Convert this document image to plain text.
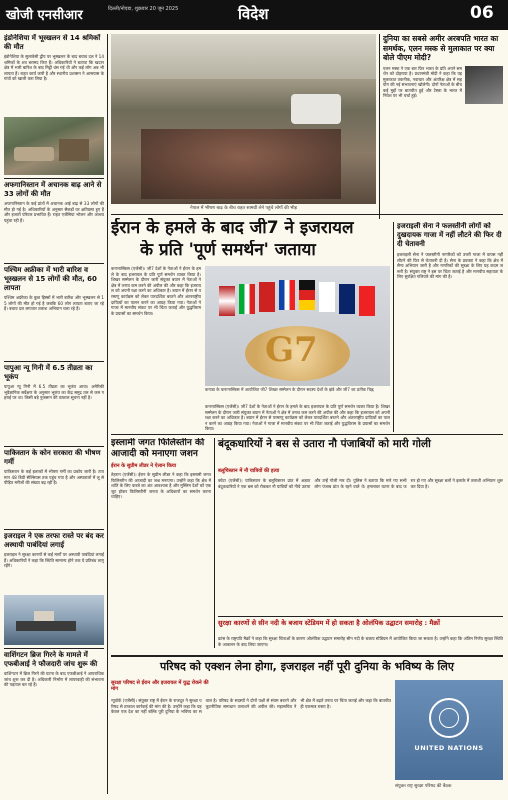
खोजी एनसीआर	दिल्ली/नोएडा, शुक्रवार 20 जून 2025	विदेश	06
इंडोनेशिया में भूस्खलन से 14 श्रमिकों की मौत
इंडोनेशिया के सुलावेसी द्वीप पर भूस्खलन के बाद बचाव दल ने 14 श्रमिकों के शव बरामद किए हैं। अधिकारियों ने बताया कि खदान क्षेत्र में भारी बारिश के बाद मिट्टी धंस गई थी और कई लोग अब भी लापता हैं। राहत कार्य जारी है और स्थानीय प्रशासन ने आसपास के गांवों को खाली करा लिया है।
अफगानिस्तान में अचानक बाढ़ आने से 33 लोगों की मौत
अफगानिस्तान के कई प्रांतों में अचानक आई बाढ़ से 33 लोगों की मौत हो गई है। अधिकारियों के अनुसार सैकड़ों घर क्षतिग्रस्त हुए हैं और हजारों परिवार प्रभावित हैं। राहत एजेंसियां भोजन और आश्रय पहुंचा रही हैं।
पश्चिम अफ्रीका में भारी बारिश व भूस्खलन से 15 लोगों की मौत, 60 लापता
पश्चिम अफ्रीका के कुछ हिस्सों में भारी बारिश और भूस्खलन से 15 लोगों की मौत हो गई है जबकि 60 लोग लापता बताए जा रहे हैं। बचाव दल लगातार तलाश अभियान चला रहे हैं।
पापुआ न्यू गिनी में 6.5 तीव्रता का भूकंप
पापुआ न्यू गिनी में 6.5 तीव्रता का भूकंप आया। अमेरिकी भूवैज्ञानिक सर्वेक्षण के अनुसार भूकंप का केंद्र समुद्र तल से कम गहराई पर था। किसी बड़े नुकसान की तत्काल सूचना नहीं है।
पाकिस्तान के कोन सरकारा की भीषण गर्मी
पाकिस्तान के कई इलाकों में भीषण गर्मी का प्रकोप जारी है। तापमान 48 डिग्री सेल्सियस तक पहुंच गया है और अस्पतालों में लू से पीड़ित मरीजों की संख्या बढ़ रही है।
इजराइल ने एक तरफा रास्ते पर बंद कर अस्थायी पाबंदियां लगाई
इजराइल ने सुरक्षा कारणों से कई मार्गों पर अस्थायी पाबंदियां लगाई हैं। अधिकारियों ने कहा कि स्थिति सामान्य होने तक ये प्रतिबंध लागू रहेंगे।
वाशिंगटन ब्रिज गिरने के मामले में एफबीआई ने फौजदारी जांच शुरू की
वाशिंगटन में ब्रिज गिरने की घटना के बाद एफबीआई ने आपराधिक जांच शुरू कर दी है। अधिकारी निर्माण में लापरवाही की संभावना की पड़ताल कर रहे हैं।
नेपाल में भीषण बाढ़ के बीच राहत सामग्री लेने पहुंचे लोगों की भीड़
दुनिया का सबसे अमीर अरबपति भारत का समर्थक, एलन मस्क से मुलाकात पर क्या बोले पीएम मोदी?
एलन मस्क ने एक बार फिर भारत के प्रति अपने समर्थन को दोहराया है। प्रधानमंत्री मोदी ने कहा कि यह मुलाकात तकनीक, नवाचार और अंतरिक्ष क्षेत्र में सहयोग की नई संभावनाएं खोलेगी। दोनों नेताओं के बीच कई मुद्दों पर बातचीत हुई और टेस्ला के भारत में निवेश पर भी चर्चा हुई।
ईरान के हमले के बाद जी7 ने इजरायल
के प्रति 'पूर्ण समर्थन' जताया
कनानास्किस (एजेंसी)। जी7 देशों के नेताओं ने ईरान के हमले के बाद इजरायल के प्रति पूर्ण समर्थन व्यक्त किया है। शिखर सम्मेलन के दौरान जारी संयुक्त बयान में नेताओं ने क्षेत्र में तनाव कम करने की अपील की और कहा कि इजरायल को अपनी रक्षा करने का अधिकार है। बयान में ईरान से परमाणु कार्यक्रम को लेकर पारदर्शिता बरतने और अंतरराष्ट्रीय दायित्वों का पालन करने का आग्रह किया गया। नेताओं ने गाजा में मानवीय संकट पर भी चिंता जताई और युद्धविराम के प्रयासों का समर्थन किया।
G7
कनाडा के कनानास्किस में आयोजित जी7 शिखर सम्मेलन के दौरान सदस्य देशों के झंडे और जी7 का प्रतीक चिह्न
कनानास्किस (एजेंसी)। जी7 देशों के नेताओं ने ईरान के हमले के बाद इजरायल के प्रति पूर्ण समर्थन व्यक्त किया है। शिखर सम्मेलन के दौरान जारी संयुक्त बयान में नेताओं ने क्षेत्र में तनाव कम करने की अपील की और कहा कि इजरायल को अपनी रक्षा करने का अधिकार है। बयान में ईरान से परमाणु कार्यक्रम को लेकर पारदर्शिता बरतने और अंतरराष्ट्रीय दायित्वों का पालन करने का आग्रह किया गया। नेताओं ने गाजा में मानवीय संकट पर भी चिंता जताई और युद्धविराम के प्रयासों का समर्थन किया।
इजराइली सेना ने फलस्तीनी लोगों को दुखदायक गाजा में नहीं लौटने की फिर दी दी चेतावनी
इजराइली सेना ने फलस्तीनी नागरिकों को उत्तरी गाजा में वापस नहीं लौटने की फिर से चेतावनी दी है। सेना के प्रवक्ता ने कहा कि क्षेत्र में सैन्य अभियान जारी है और नागरिकों की सुरक्षा के लिए यह कदम जरूरी है। संयुक्त राष्ट्र ने इस पर चिंता जताई है और मानवीय सहायता के लिए सुरक्षित गलियारे की मांग की है।
इस्लामी जगत फिलिस्तीन की आजादी को मनाएगा जशन
ईरान के सुप्रीम लीडर ने ऐलान किया
तेहरान (एजेंसी)। ईरान के सुप्रीम लीडर ने कहा कि इस्लामी जगत फिलिस्तीन की आजादी का जश्न मनाएगा। उन्होंने कहा कि क्षेत्र में शांति के लिए कब्जे का अंत आवश्यक है और मुस्लिम देशों को एकजुट होकर फिलिस्तीनी जनता के अधिकारों का समर्थन करना चाहिए।
बंदूकधारियों ने बस से उतारा नौ पंजाबियों को मारी गोली
बलूचिस्तान में नौ यात्रियों की हत्या
क्वेटा (एजेंसी)। पाकिस्तान के बलूचिस्तान प्रांत में अज्ञात बंदूकधारियों ने एक बस को रोककर नौ यात्रियों को नीचे उतारा और उन्हें गोली मार दी। पुलिस ने बताया कि मारे गए सभी लोग पंजाब प्रांत के रहने वाले थे। हमलावर घटना के बाद फरार हो गए और सुरक्षा बलों ने इलाके में तलाशी अभियान शुरू कर दिया है।
सुरक्षा कारणों से सीन नदी के बजाय स्टेडियम में हो सकता है ओलंपिक उद्घाटन समारोह : मैक्रों
फ्रांस के राष्ट्रपति मैक्रों ने कहा कि सुरक्षा चिंताओं के कारण ओलंपिक उद्घाटन समारोह सीन नदी के बजाय स्टेडियम में आयोजित किया जा सकता है। उन्होंने कहा कि अंतिम निर्णय सुरक्षा स्थिति के आकलन के बाद लिया जाएगा।
परिषद को एक्शन लेना होगा, इजराइल नहीं पूरी दुनिया के भविष्य के लिए
सुरक्षा परिषद से ईरान और इजरायल में युद्ध रोकने की मांग
न्यूयॉर्क (एजेंसी)। संयुक्त राष्ट्र में ईरान के राजदूत ने सुरक्षा परिषद से तत्काल कार्रवाई की मांग की है। उन्होंने कहा कि यह केवल एक देश का नहीं बल्कि पूरी दुनिया के भविष्य का सवाल है। परिषद के सदस्यों ने दोनों पक्षों से संयम बरतने और कूटनीतिक समाधान तलाशने की अपील की। महासचिव ने भी क्षेत्र में बढ़ते तनाव पर चिंता जताई और कहा कि बातचीत ही एकमात्र रास्ता है।
UNITED NATIONS
संयुक्त राष्ट्र सुरक्षा परिषद की बैठक
